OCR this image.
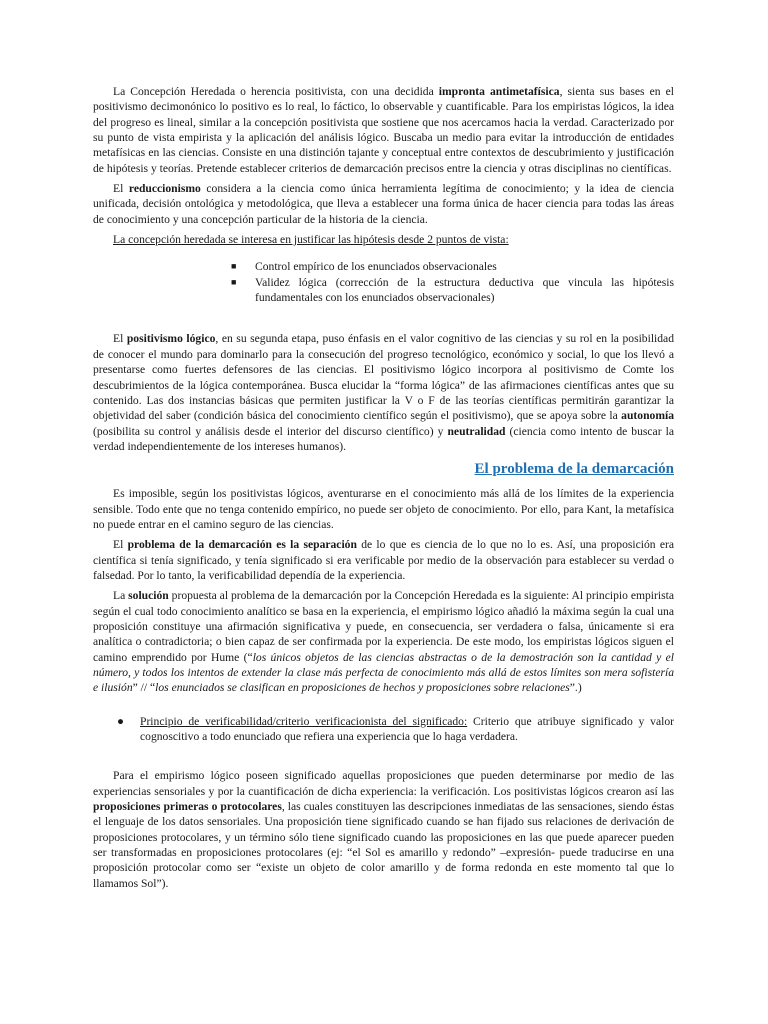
La Concepción Heredada o herencia positivista, con una decidida impronta antimetafísica, sienta sus bases en el positivismo decimonónico lo positivo es lo real, lo fáctico, lo observable y cuantificable. Para los empiristas lógicos, la idea del progreso es lineal, similar a la concepción positivista que sostiene que nos acercamos hacia la verdad. Caracterizado por su punto de vista empirista y la aplicación del análisis lógico. Buscaba un medio para evitar la introducción de entidades metafísicas en las ciencias. Consiste en una distinción tajante y conceptual entre contextos de descubrimiento y justificación de hipótesis y teorías. Pretende establecer criterios de demarcación precisos entre la ciencia y otras disciplinas no científicas.

El reduccionismo considera a la ciencia como única herramienta legítima de conocimiento; y la idea de ciencia unificada, decisión ontológica y metodológica, que lleva a establecer una forma única de hacer ciencia para todas las áreas de conocimiento y una concepción particular de la historia de la ciencia.

La concepción heredada se interesa en justificar las hipótesis desde 2 puntos de vista:

■ Control empírico de los enunciados observacionales
■ Validez lógica (corrección de la estructura deductiva que vincula las hipótesis fundamentales con los enunciados observacionales)

El positivismo lógico, en su segunda etapa, puso énfasis en el valor cognitivo de las ciencias y su rol en la posibilidad de conocer el mundo para dominarlo para la consecución del progreso tecnológico, económico y social, lo que los llevó a presentarse como fuertes defensores de las ciencias. El positivismo lógico incorpora al positivismo de Comte los descubrimientos de la lógica contemporánea. Busca elucidar la “forma lógica” de las afirmaciones científicas antes que su contenido. Las dos instancias básicas que permiten justificar la V o F de las teorías científicas permitirán garantizar la objetividad del saber (condición básica del conocimiento científico según el positivismo), que se apoya sobre la autonomía (posibilita su control y análisis desde el interior del discurso científico) y neutralidad (ciencia como intento de buscar la verdad independientemente de los intereses humanos).

El problema de la demarcación

Es imposible, según los positivistas lógicos, aventurarse en el conocimiento más allá de los límites de la experiencia sensible. Todo ente que no tenga contenido empírico, no puede ser objeto de conocimiento. Por ello, para Kant, la metafísica no puede entrar en el camino seguro de las ciencias.

El problema de la demarcación es la separación de lo que es ciencia de lo que no lo es. Así, una proposición era científica si tenía significado, y tenía significado si era verificable por medio de la observación para establecer su verdad o falsedad. Por lo tanto, la verificabilidad dependía de la experiencia.

La solución propuesta al problema de la demarcación por la Concepción Heredada es la siguiente: Al principio empirista según el cual todo conocimiento analítico se basa en la experiencia, el empirismo lógico añadió la máxima según la cual una proposición constituye una afirmación significativa y puede, en consecuencia, ser verdadera o falsa, únicamente si era analítica o contradictoria; o bien capaz de ser confirmada por la experiencia. De este modo, los empiristas lógicos siguen el camino emprendido por Hume (“los únicos objetos de las ciencias abstractas o de la demostración son la cantidad y el número, y todos los intentos de extender la clase más perfecta de conocimiento más allá de estos límites son mera sofistería e ilusión” // “los enunciados se clasifican en proposiciones de hechos y proposiciones sobre relaciones”.)

● Principio de verificabilidad/criterio verificacionista del significado: Criterio que atribuye significado y valor cognoscitivo a todo enunciado que refiera una experiencia que lo haga verdadera.

Para el empirismo lógico poseen significado aquellas proposiciones que pueden determinarse por medio de las experiencias sensoriales y por la cuantificación de dicha experiencia: la verificación. Los positivistas lógicos crearon así las proposiciones primeras o protocolares, las cuales constituyen las descripciones inmediatas de las sensaciones, siendo éstas el lenguaje de los datos sensoriales. Una proposición tiene significado cuando se han fijado sus relaciones de derivación de proposiciones protocolares, y un término sólo tiene significado cuando las proposiciones en las que puede aparecer pueden ser transformadas en proposiciones protocolares (ej: “el Sol es amarillo y redondo” –expresión- puede traducirse en una proposición protocolar como ser “existe un objeto de color amarillo y de forma redonda en este momento tal que lo llamamos Sol”).
